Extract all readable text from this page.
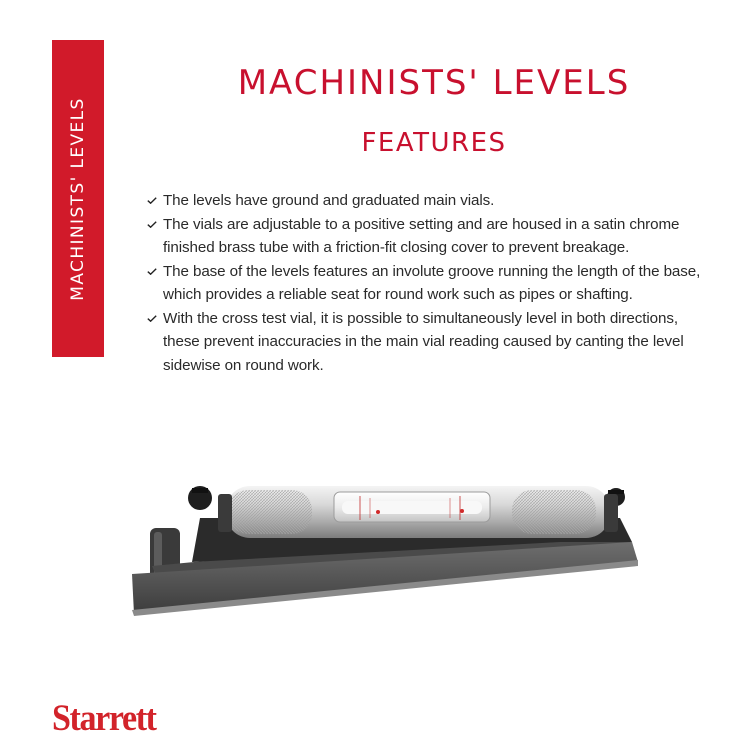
MACHINISTS' LEVELS
MACHINISTS' LEVELS
FEATURES
The levels have ground and graduated main vials.
The vials are adjustable to a positive setting and are housed in a satin chrome finished brass tube with a friction-fit closing cover to prevent breakage.
The base of the levels features an involute groove running the length of the base, which provides a reliable seat for round work such as pipes or shafting.
With the cross test vial, it is possible to simultaneously level in both directions, these prevent inaccuracies in the main vial reading caused by canting the level sidewise on round work.
Starrett
